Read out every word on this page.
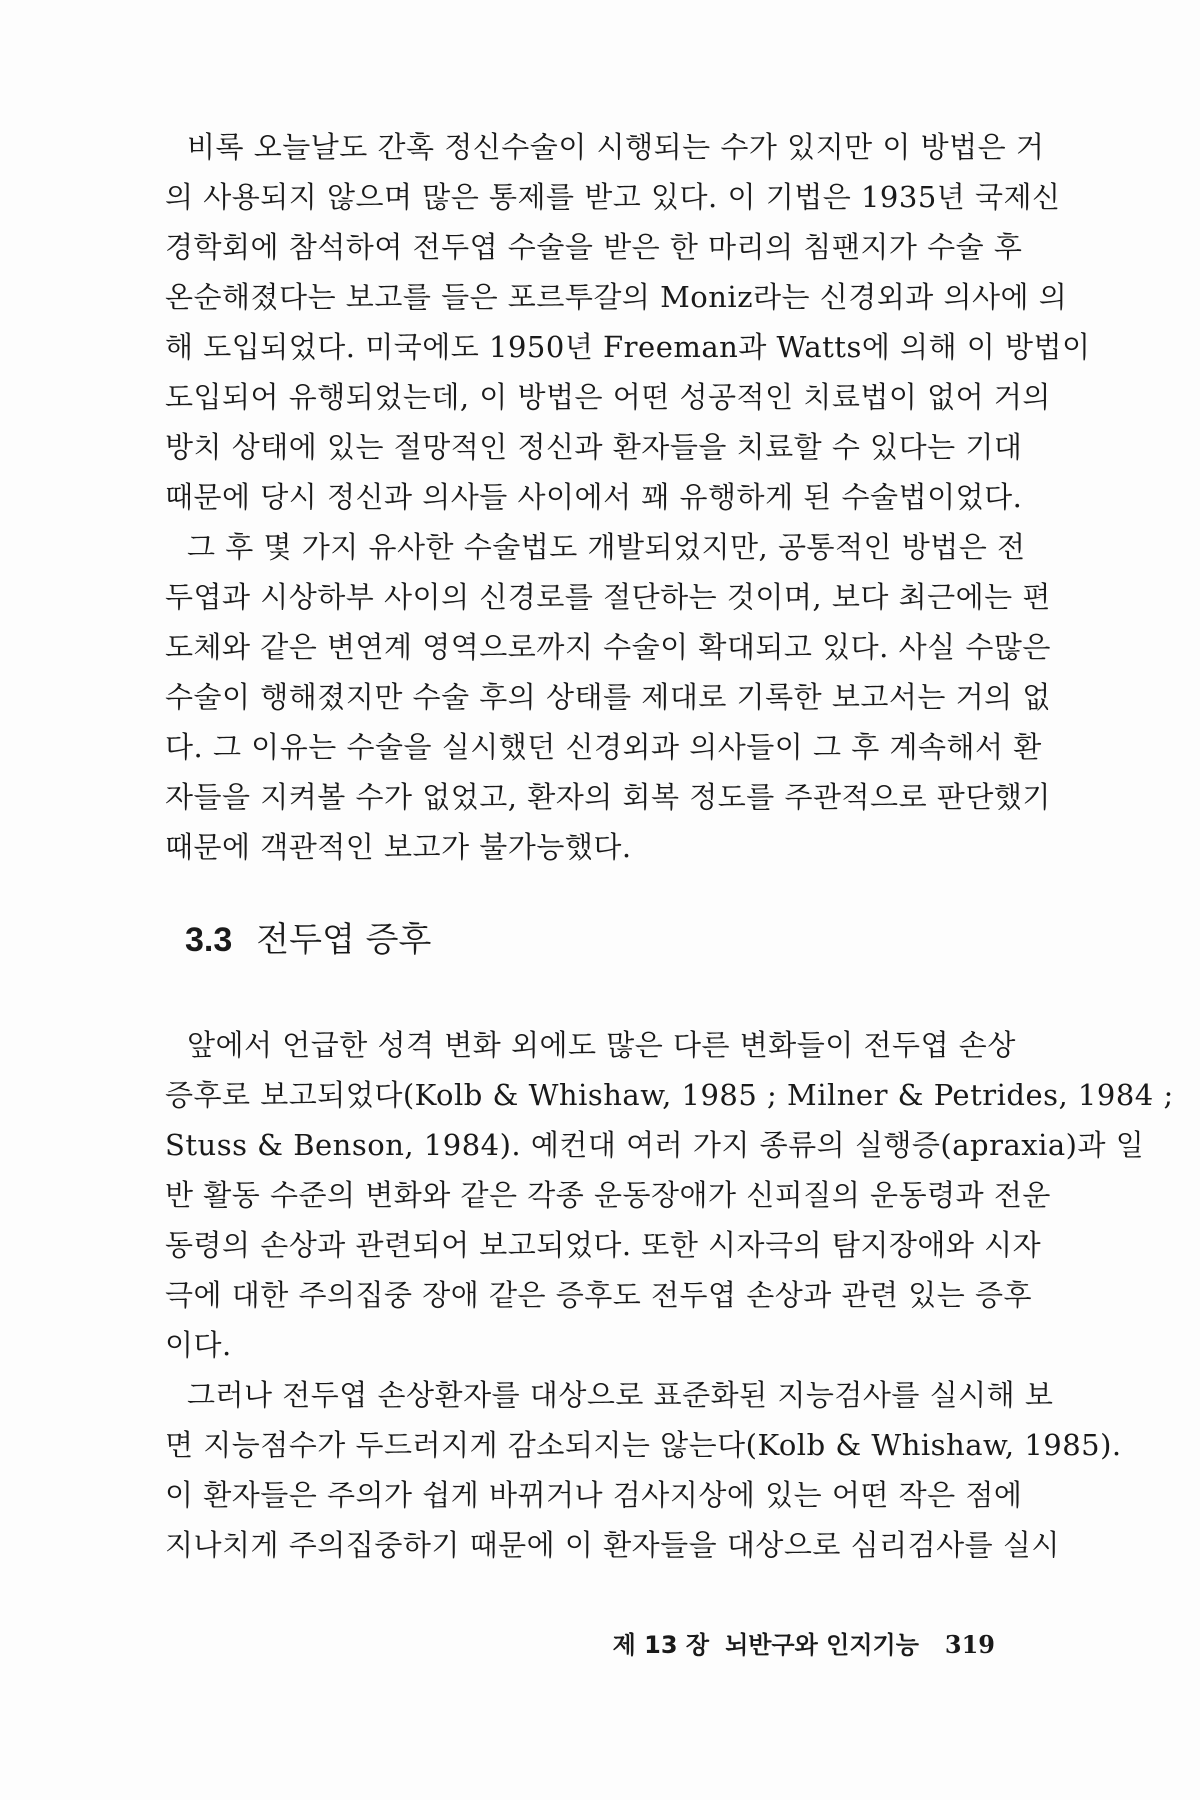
비록 오늘날도 간혹 정신수술이 시행되는 수가 있지만 이 방법은 거
의 사용되지 않으며 많은 통제를 받고 있다. 이 기법은 1935년 국제신
경학회에 참석하여 전두엽 수술을 받은 한 마리의 침팬지가 수술 후
온순해졌다는 보고를 들은 포르투갈의 Moniz라는 신경외과 의사에 의
해 도입되었다. 미국에도 1950년 Freeman과 Watts에 의해 이 방법이
도입되어 유행되었는데, 이 방법은 어떤 성공적인 치료법이 없어 거의
방치 상태에 있는 절망적인 정신과 환자들을 치료할 수 있다는 기대
때문에 당시 정신과 의사들 사이에서 꽤 유행하게 된 수술법이었다.
그 후 몇 가지 유사한 수술법도 개발되었지만, 공통적인 방법은 전
두엽과 시상하부 사이의 신경로를 절단하는 것이며, 보다 최근에는 편
도체와 같은 변연계 영역으로까지 수술이 확대되고 있다. 사실 수많은
수술이 행해졌지만 수술 후의 상태를 제대로 기록한 보고서는 거의 없
다. 그 이유는 수술을 실시했던 신경외과 의사들이 그 후 계속해서 환
자들을 지켜볼 수가 없었고, 환자의 회복 정도를 주관적으로 판단했기
때문에 객관적인 보고가 불가능했다.
3.3 전두엽 증후
앞에서 언급한 성격 변화 외에도 많은 다른 변화들이 전두엽 손상
증후로 보고되었다(Kolb & Whishaw, 1985 ; Milner & Petrides, 1984 ;
Stuss & Benson, 1984). 예컨대 여러 가지 종류의 실행증(apraxia)과 일
반 활동 수준의 변화와 같은 각종 운동장애가 신피질의 운동령과 전운
동령의 손상과 관련되어 보고되었다. 또한 시자극의 탐지장애와 시자
극에 대한 주의집중 장애 같은 증후도 전두엽 손상과 관련 있는 증후
이다.
그러나 전두엽 손상환자를 대상으로 표준화된 지능검사를 실시해 보
면 지능점수가 두드러지게 감소되지는 않는다(Kolb & Whishaw, 1985).
이 환자들은 주의가 쉽게 바뀌거나 검사지상에 있는 어떤 작은 점에
지나치게 주의집중하기 때문에 이 환자들을 대상으로 심리검사를 실시
제 13 장 뇌반구와 인지기능 319
